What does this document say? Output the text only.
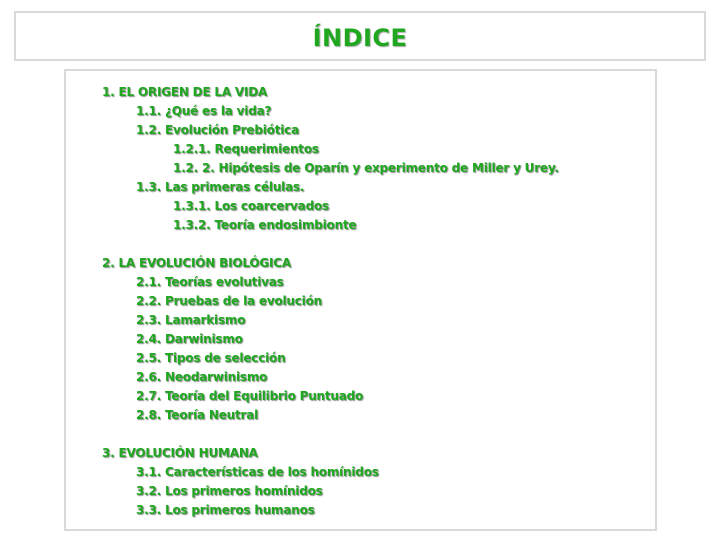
ÍNDICE
1. EL ORIGEN DE LA VIDA
1.1. ¿Qué es la vida?
1.2. Evolución Prebiótica
1.2.1. Requerimientos
1.2. 2. Hipótesis de Oparín y experimento de Miller y Urey.
1.3. Las primeras células.
1.3.1. Los coarcervados
1.3.2. Teoría endosimbionte
2. LA EVOLUCIÓN BIOLÓGICA
2.1. Teorías evolutivas
2.2. Pruebas de la evolución
2.3. Lamarkismo
2.4. Darwinismo
2.5. Tipos de selección
2.6. Neodarwinismo
2.7. Teoría del Equilibrio Puntuado
2.8. Teoría Neutral
3. EVOLUCIÓN HUMANA
3.1. Características de los homínidos
3.2. Los primeros homínidos
3.3. Los primeros humanos
